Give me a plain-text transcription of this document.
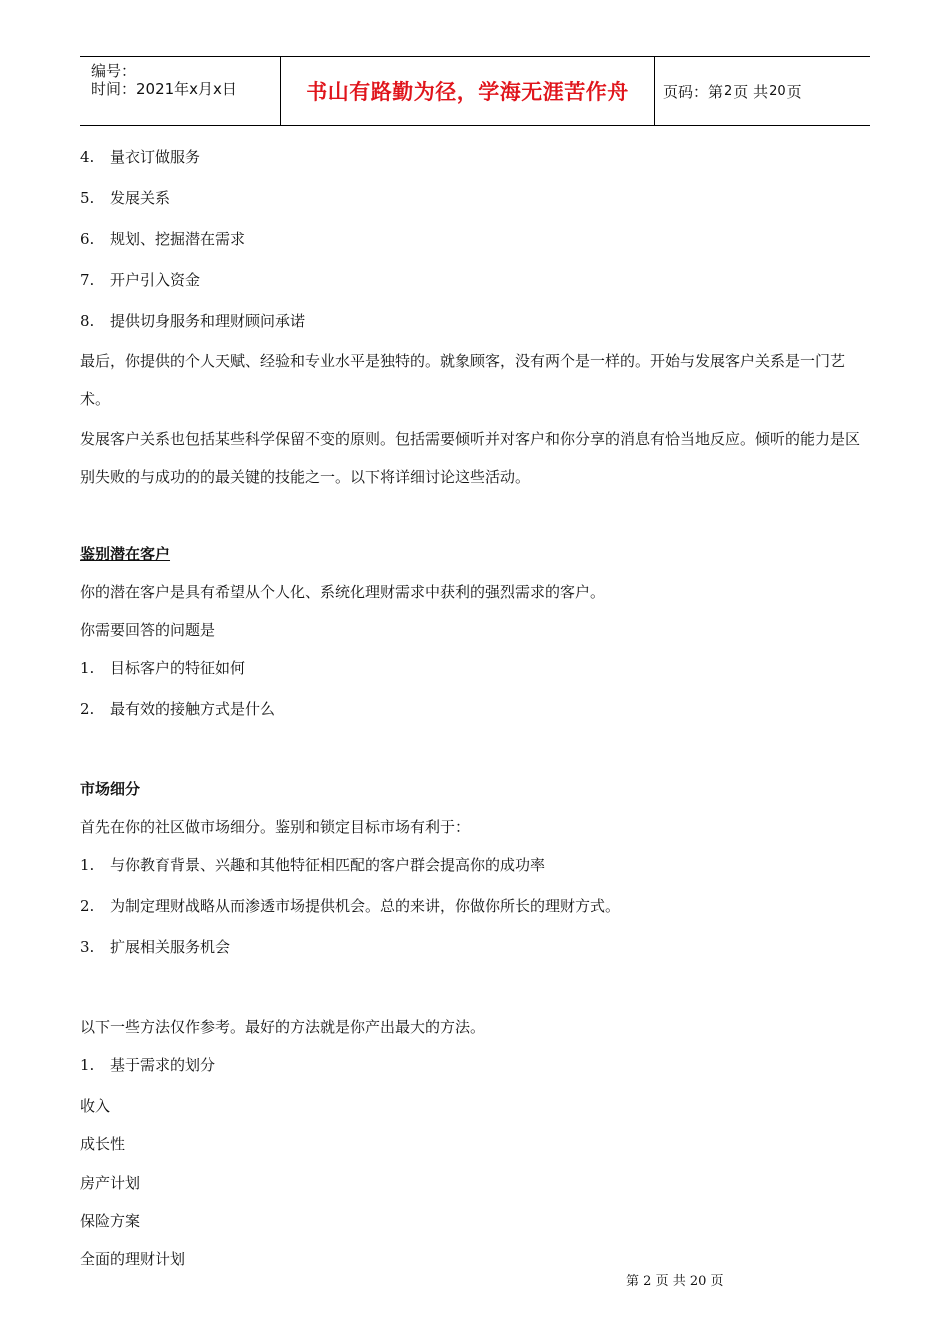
编号：
时间：2021年x月x日	书山有路勤为径，学海无涯苦作舟	页码：第 2 页 共 20 页
4. 量衣订做服务
5. 发展关系
6. 规划、挖掘潜在需求
7. 开户引入资金
8. 提供切身服务和理财顾问承诺
最后，你提供的个人天赋、经验和专业水平是独特的。就象顾客，没有两个是一样的。开始与发展客户关系是一门艺术。
发展客户关系也包括某些科学保留不变的原则。包括需要倾听并对客户和你分享的消息有恰当地反应。倾听的能力是区别失败的与成功的的最关键的技能之一。以下将详细讨论这些活动。
鉴别潜在客户
你的潜在客户是具有希望从个人化、系统化理财需求中获利的强烈需求的客户。
你需要回答的问题是
1. 目标客户的特征如何
2. 最有效的接触方式是什么
市场细分
首先在你的社区做市场细分。鉴别和锁定目标市场有利于：
1. 与你教育背景、兴趣和其他特征相匹配的客户群会提高你的成功率
2. 为制定理财战略从而渗透市场提供机会。总的来讲，你做你所长的理财方式。
3. 扩展相关服务机会
以下一些方法仅作参考。最好的方法就是你产出最大的方法。
1. 基于需求的划分
收入
成长性
房产计划
保险方案
全面的理财计划
第 2 页 共 20 页
